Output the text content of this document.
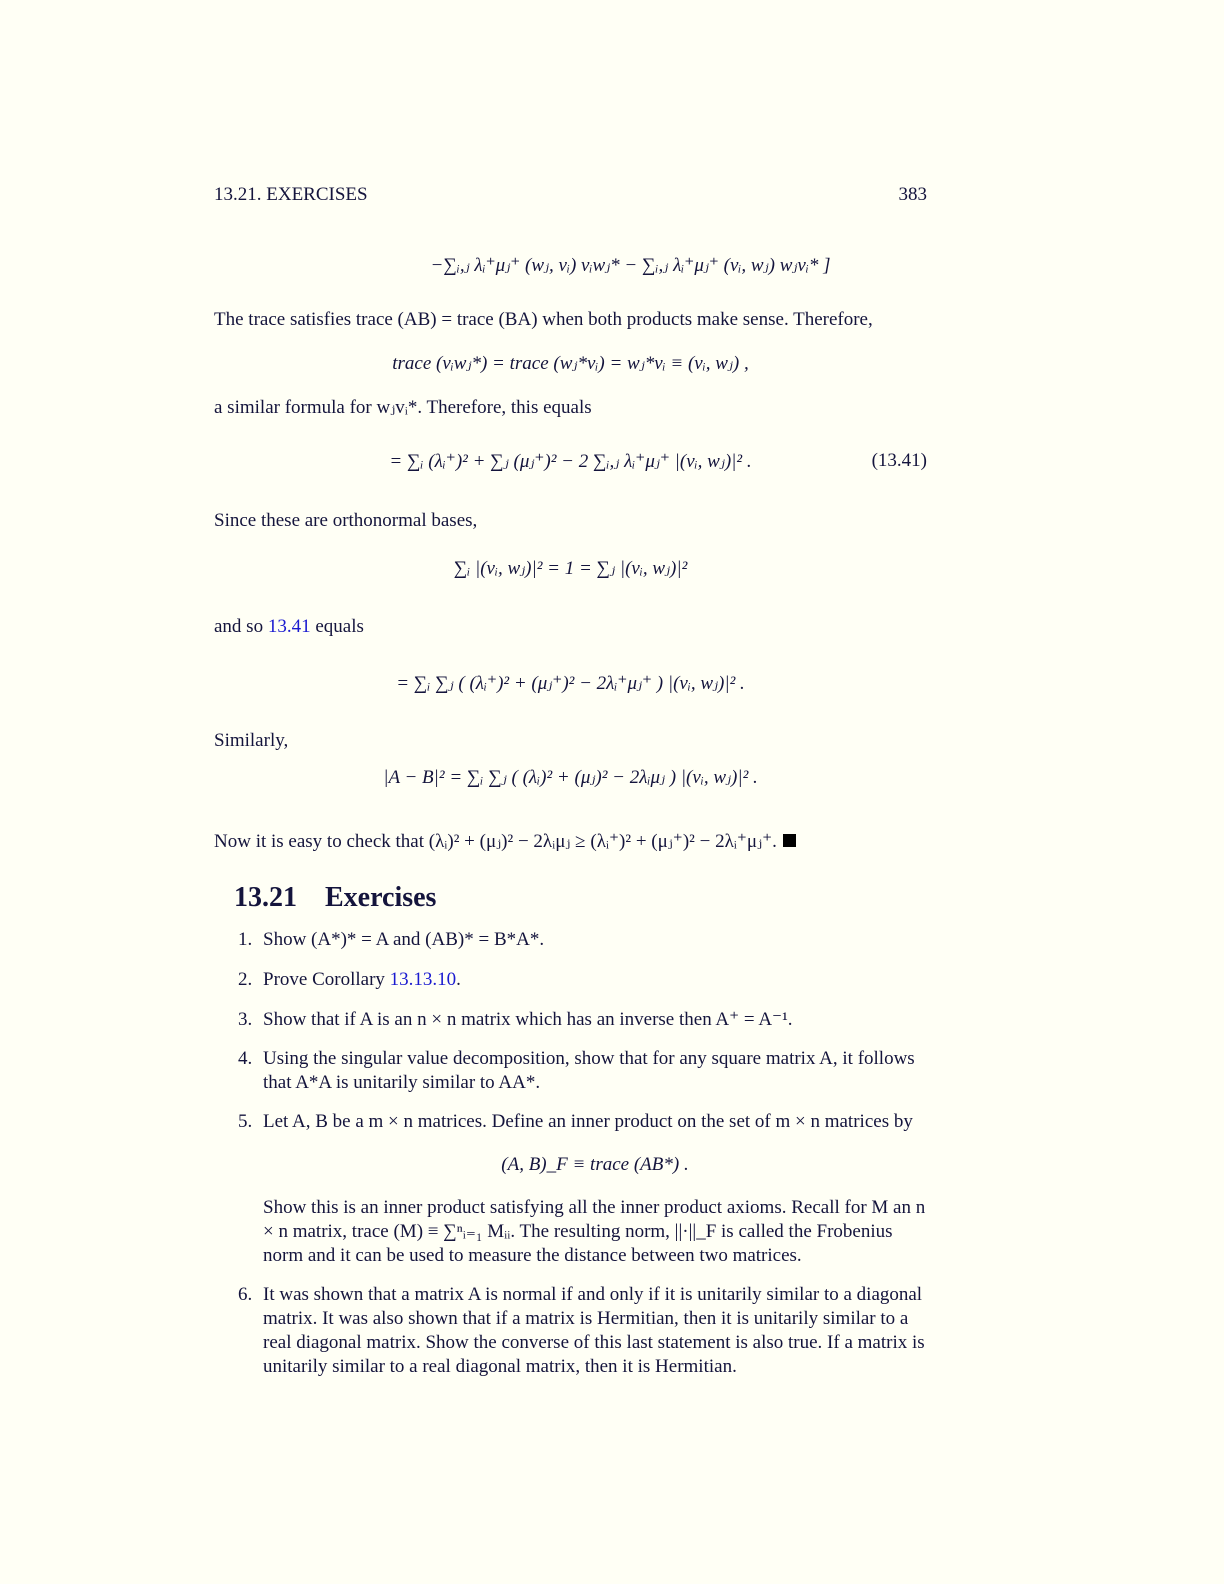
13.21. EXERCISES	383
−∑ᵢ,ⱼ λᵢ⁺μⱼ⁺ (wⱼ, vᵢ) vᵢwⱼ* − ∑ᵢ,ⱼ λᵢ⁺μⱼ⁺ (vᵢ, wⱼ) wⱼvᵢ* ]
The trace satisfies trace (AB) = trace (BA) when both products make sense. Therefore,
trace (vᵢwⱼ*) = trace (wⱼ*vᵢ) = wⱼ*vᵢ ≡ (vᵢ, wⱼ) ,
a similar formula for wⱼvᵢ*. Therefore, this equals
= ∑ᵢ (λᵢ⁺)² + ∑ⱼ (μⱼ⁺)² − 2 ∑ᵢ,ⱼ λᵢ⁺μⱼ⁺ |(vᵢ, wⱼ)|² .	(13.41)
Since these are orthonormal bases,
∑ᵢ |(vᵢ, wⱼ)|² = 1 = ∑ⱼ |(vᵢ, wⱼ)|²
and so 13.41 equals
= ∑ᵢ ∑ⱼ ( (λᵢ⁺)² + (μⱼ⁺)² − 2λᵢ⁺μⱼ⁺ ) |(vᵢ, wⱼ)|² .
Similarly,
|A − B|² = ∑ᵢ ∑ⱼ ( (λᵢ)² + (μⱼ)² − 2λᵢμⱼ ) |(vᵢ, wⱼ)|² .
Now it is easy to check that (λᵢ)² + (μⱼ)² − 2λᵢμⱼ ≥ (λᵢ⁺)² + (μⱼ⁺)² − 2λᵢ⁺μⱼ⁺.
13.21 Exercises
1. Show (A*)* = A and (AB)* = B*A*.
2. Prove Corollary 13.13.10.
3. Show that if A is an n × n matrix which has an inverse then A⁺ = A⁻¹.
4. Using the singular value decomposition, show that for any square matrix A, it follows that A*A is unitarily similar to AA*.
5. Let A, B be a m × n matrices. Define an inner product on the set of m × n matrices by
(A, B)_F ≡ trace (AB*) .
Show this is an inner product satisfying all the inner product axioms. Recall for M an n × n matrix, trace (M) ≡ ∑ⁿᵢ₌₁ Mᵢᵢ. The resulting norm, ||·||_F is called the Frobenius norm and it can be used to measure the distance between two matrices.
6. It was shown that a matrix A is normal if and only if it is unitarily similar to a diagonal matrix. It was also shown that if a matrix is Hermitian, then it is unitarily similar to a real diagonal matrix. Show the converse of this last statement is also true. If a matrix is unitarily similar to a real diagonal matrix, then it is Hermitian.
